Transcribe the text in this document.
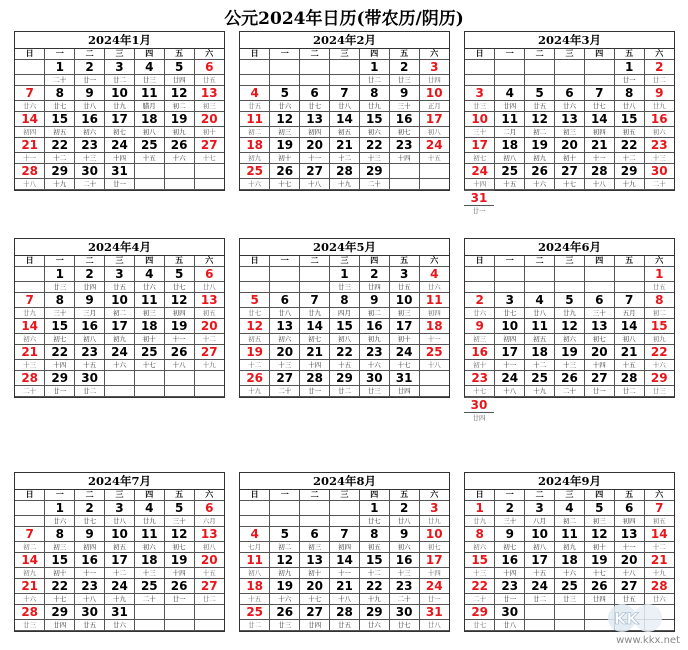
公元2024年日历(带农历/阴历)
2024年1月
日	一	二	三	四	五	六
	1	2	3	4	5	6
	二十	廿一	廿二	廿三	廿四	廿五
7	8	9	10	11	12	13
廿六	廿七	廿八	廿九	腊月	初二	初三
14	15	16	17	18	19	20
初四	初五	初六	初七	初八	初九	初十
21	22	23	24	25	26	27
十一	十二	十三	十四	十五	十六	十七
28	29	30	31			
十八	十九	二十	廿一			
2024年2月
日	一	二	三	四	五	六
				1	2	3
				廿二	廿三	廿四
4	5	6	7	8	9	10
廿五	廿六	廿七	廿八	廿九	三十	正月
11	12	13	14	15	16	17
初二	初三	初四	初五	初六	初七	初八
18	19	20	21	22	23	24
初九	初十	十一	十二	十三	十四	十五
25	26	27	28	29		
十六	十七	十八	十九	二十		
2024年3月
日	一	二	三	四	五	六
					1	2
					廿一	廿二
3	4	5	6	7	8	9
廿三	廿四	廿五	廿六	廿七	廿八	廿九
10	11	12	13	14	15	16
三十	二月	初二	初三	初四	初五	初六
17	18	19	20	21	22	23
初七	初八	初九	初十	十一	十二	十三
24	25	26	27	28	29	30
十四	十五	十六	十七	十八	十九	二十
31
廿一
2024年4月
日	一	二	三	四	五	六
	1	2	3	4	5	6
	廿三	廿四	廿五	廿六	廿七	廿八
7	8	9	10	11	12	13
廿九	三十	三月	初二	初三	初四	初五
14	15	16	17	18	19	20
初六	初七	初八	初九	初十	十一	十二
21	22	23	24	25	26	27
十三	十四	十五	十六	十七	十八	十九
28	29	30				
二十	廿一	廿二				
2024年5月
日	一	二	三	四	五	六
			1	2	3	4
			廿三	廿四	廿五	廿六
5	6	7	8	9	10	11
廿七	廿八	廿九	四月	初二	初三	初四
12	13	14	15	16	17	18
初五	初六	初七	初八	初九	初十	十一
19	20	21	22	23	24	25
十二	十三	十四	十五	十六	十七	十八
26	27	28	29	30	31	
十九	二十	廿一	廿二	廿三	廿四	
2024年6月
日	一	二	三	四	五	六
						1
						廿五
2	3	4	5	6	7	8
廿六	廿七	廿八	廿九	三十	五月	初二
9	10	11	12	13	14	15
初三	初四	初五	初六	初七	初八	初九
16	17	18	19	20	21	22
初十	十一	十二	十三	十四	十五	十六
23	24	25	26	27	28	29
十七	十八	十九	二十	廿一	廿二	廿三
30
廿四
2024年7月
日	一	二	三	四	五	六
	1	2	3	4	5	6
	廿六	廿七	廿八	廿九	三十	六月
7	8	9	10	11	12	13
初二	初三	初四	初五	初六	初七	初八
14	15	16	17	18	19	20
初九	初十	十一	十二	十三	十四	十五
21	22	23	24	25	26	27
十六	十七	十八	十九	二十	廿一	廿二
28	29	30	31			
廿三	廿四	廿五	廿六			
2024年8月
日	一	二	三	四	五	六
				1	2	3
				廿七	廿八	廿九
4	5	6	7	8	9	10
七月	初二	初三	初四	初五	初六	初七
11	12	13	14	15	16	17
初八	初九	初十	十一	十二	十三	十四
18	19	20	21	22	23	24
十五	十六	十七	十八	十九	二十	廿一
25	26	27	28	29	30	31
廿二	廿三	廿四	廿五	廿六	廿七	廿八
2024年9月
日	一	二	三	四	五	六
1	2	3	4	5	6	7
廿九	三十	八月	初二	初三	初四	初五
8	9	10	11	12	13	14
初六	初七	初八	初九	初十	十一	十二
15	16	17	18	19	20	21
十三	十四	十五	十六	十七	十八	十九
22	23	24	25	26	27	28
二十	廿一	廿二	廿三	廿四	廿五	廿六
29	30					
廿七	廿八						KK
www.kkx.net
